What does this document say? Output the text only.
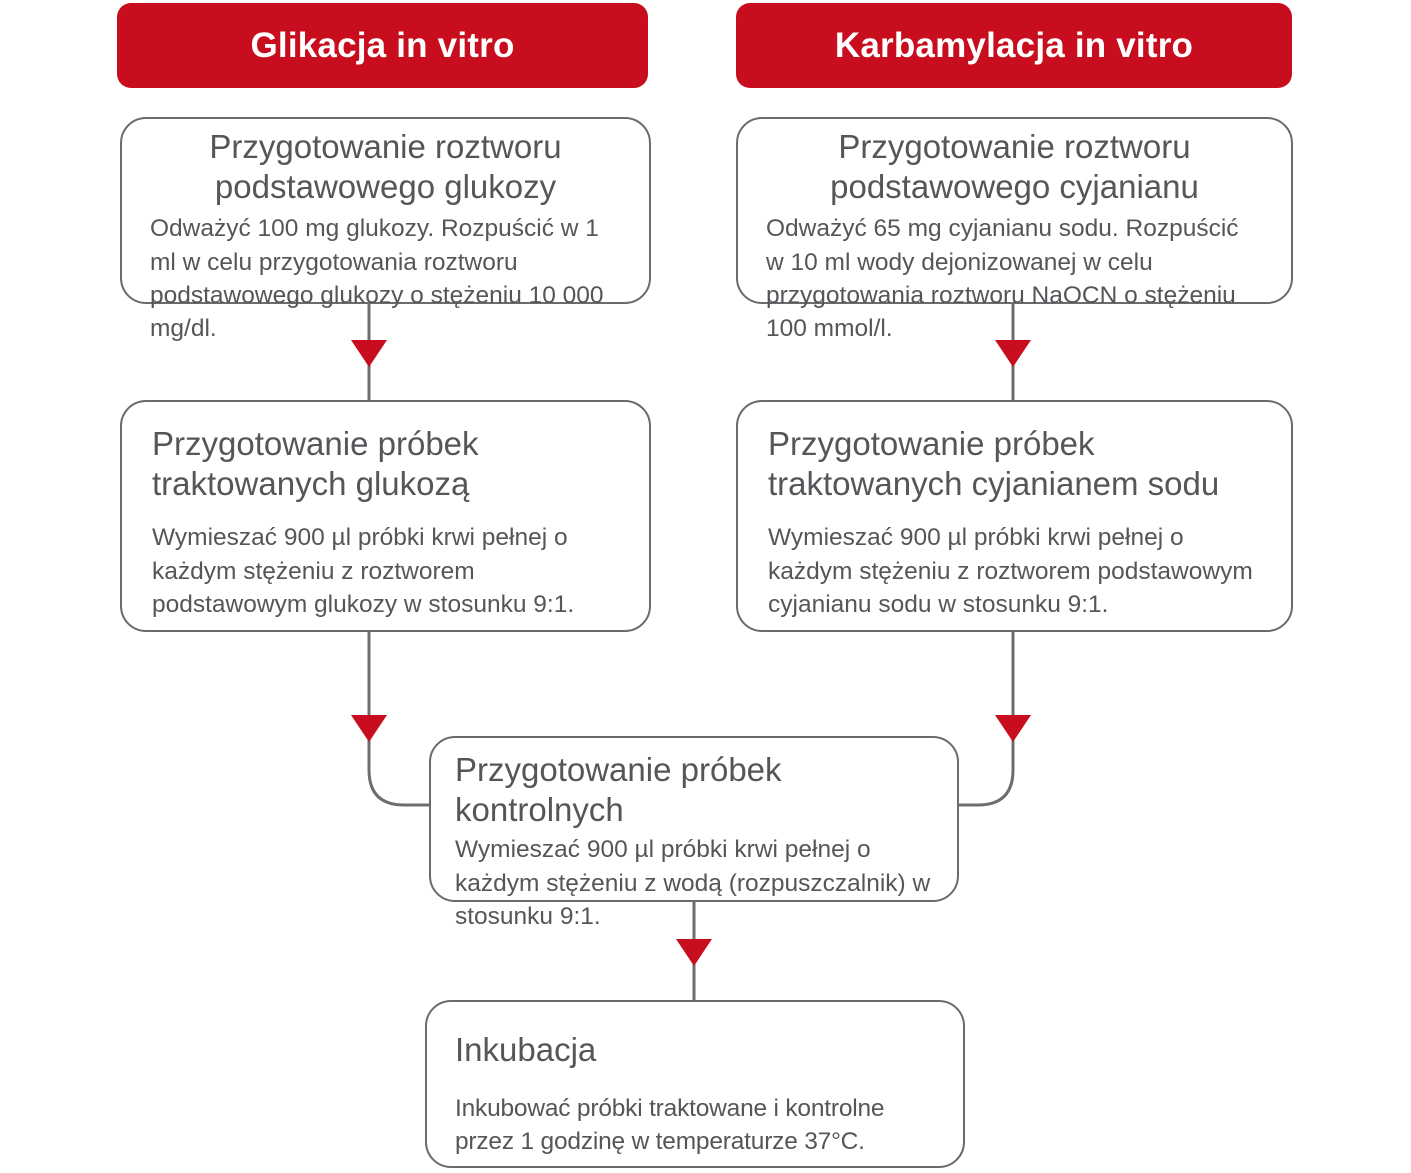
Glikacja in vitro	Karbamylacja in vitro
Przygotowanie roztworu podstawowego glukozy

Odważyć 100 mg glukozy. Rozpuścić w 1 ml w celu przygotowania roztworu podstawowego glukozy o stężeniu 10 000 mg/dl.

Przygotowanie roztworu podstawowego cyjanianu

Odważyć 65 mg cyjanianu sodu. Rozpuścić w 10 ml wody dejonizowanej w celu przygotowania roztworu NaOCN o stężeniu 100 mmol/l.

Przygotowanie próbek traktowanych glukozą

Wymieszać 900 µl próbki krwi pełnej o każdym stężeniu z roztworem podstawowym glukozy w stosunku 9:1.

Przygotowanie próbek traktowanych cyjanianem sodu

Wymieszać 900 µl próbki krwi pełnej o każdym stężeniu z roztworem podstawowym cyjanianu sodu w stosunku 9:1.

Przygotowanie próbek kontrolnych

Wymieszać 900 µl próbki krwi pełnej o każdym stężeniu z wodą (rozpuszczalnik) w stosunku 9:1.

Inkubacja

Inkubować próbki traktowane i kontrolne przez 1 godzinę w temperaturze 37°C.
